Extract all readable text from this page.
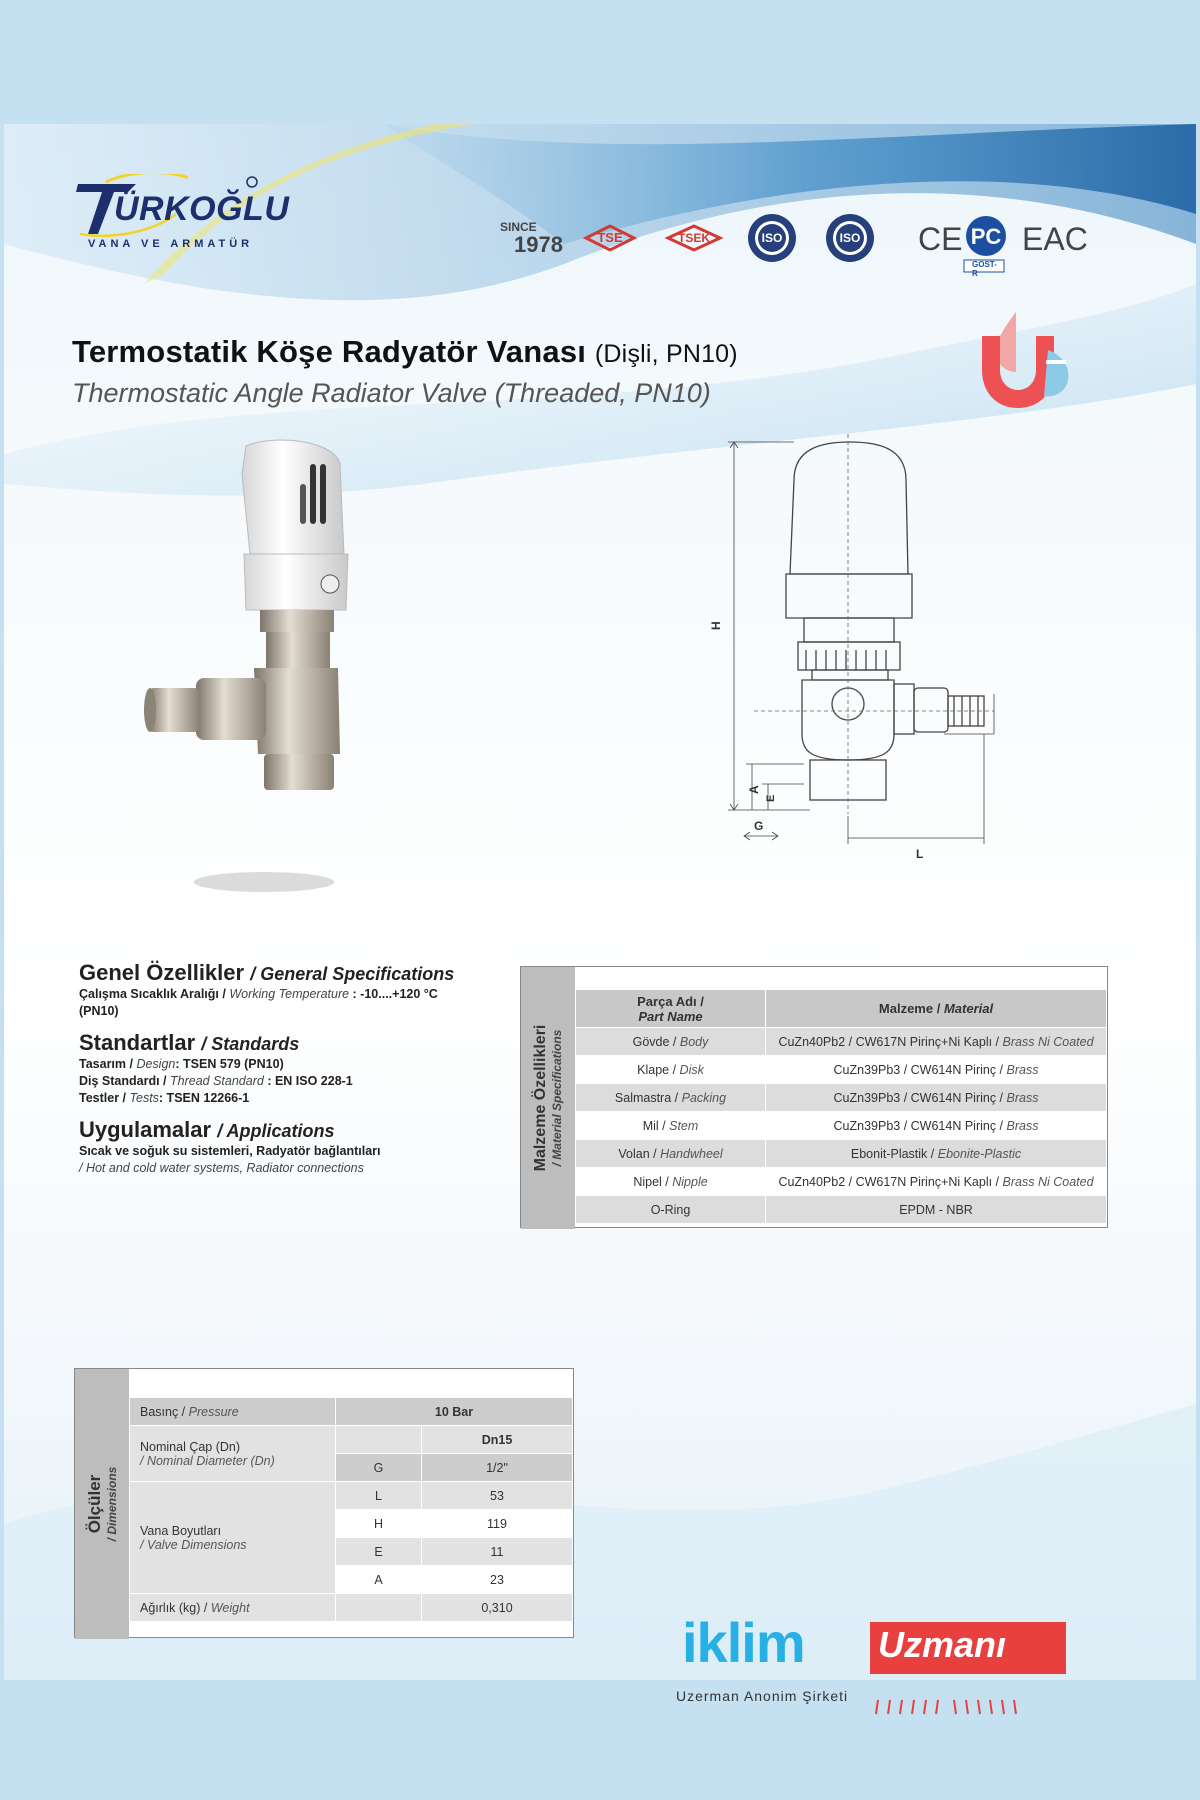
ÜRKOĞLU
VANA VE ARMATÜR
SINCE
1978	TSE	TSEK	ISO	ISO CE PC EAC
GOST-R
Termostatik Köşe Radyatör Vanası (Dişli, PN10)
Thermostatic Angle Radiator Valve (Threaded, PN10)
H
A
E
G
L
Genel Özellikler / General Specifications
Çalışma Sıcaklık Aralığı / Working Temperature : -10....+120 °C
(PN10)
Standartlar / Standards
Tasarım / Design: TSEN 579 (PN10)
Diş Standardı / Thread Standard : EN ISO 228-1
Testler / Tests: TSEN 12266-1
Uygulamalar / Applications
Sıcak ve soğuk su sistemleri, Radyatör bağlantıları
/ Hot and cold water systems, Radiator connections	Malzeme Özellikleri / Material Specifications
Parça Adı /
Part Name	Malzeme / Material
Gövde / Body	CuZn40Pb2 / CW617N Pirinç+Ni Kaplı / Brass Ni Coated
Klape / Disk	CuZn39Pb3 / CW614N Pirinç / Brass
Salmastra / Packing	CuZn39Pb3 / CW614N Pirinç / Brass
Mil / Stem	CuZn39Pb3 / CW614N Pirinç / Brass
Volan / Handwheel	Ebonit-Plastik / Ebonite-Plastic
Nipel / Nipple	CuZn40Pb2 / CW617N Pirinç+Ni Kaplı / Brass Ni Coated
O-Ring	EPDM - NBR
Ölçüler / Dimensions
Basınç / Pressure	10 Bar	
Nominal Çap (Dn)
/ Nominal Diameter (Dn)		Dn15
	G	1/2"
Vana Boyutları
/ Valve Dimensions	L	53
	H	119
	E	11
	A	23
Ağırlık (kg) / Weight		0,310
iklim Uzmanı
Uzerman Anonim Şirketi
